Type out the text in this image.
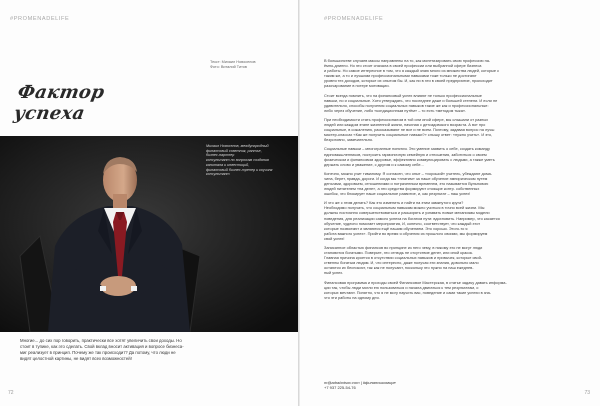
#PROMENADELIFE
Текст: Михаил Новоселов
Фото: Виталий Титов
Фактор успеха
Михаил Новоселов, международный
финансовый советник, рантье,
бизнес-партнер
консультант по вопросам создания
капитала и инвестиций,
финансовый бизнес-тренер и коучинг
консультант
Многие... до сих пор говорить, практически все хотят увеличить свои доходы. Но
стоит в тупике, как это сделать. Свой вклад вносит активация и вопросе бизнеса-
миг реализует в принцип. Почему же так происходит? Да потому, что люди не
видят целостной картины, не видят всех возможностей!
72
#PROMENADELIFE

В большинстве случаев массы направлены на то, как монетизировать свою профессию на-
ёмно-длинно. Но это стоит сначала в своей профессии или выбранной сфере бизнеса
и работы. Но самое интересное в том, что я каждый знаю много из множества людей, которые с
таким же, а то и лучшими профессиональными навыками тоже только не достигают
уровня тех доходов, которые их опытом бы. И, как ни в эти в своей предприятие, происходит
разочарование в потере мотивации.

Стоит всегда помнить, что на финансовый успех влияют не только профессиональные
навыки, но и социальные. Хотя утверждать, что последнее даже и большей степени. И если не
удивительно, способы получения социальных навыков такие же как и профессиональные:
либо через обучение, либо «кондиционным путём» – то есть «методом тыка».

При необходимости стать профессионалом в той или иной сфере, мы слышали от разных
людей или каждом этапе жизненной жизни, начиная с детсадовского возраста. А вот про
социальные, в сожалению, рассказывают не все и не всем. Поэтому, задавая вопрос на лучш
мастер-классах «Как же получить социальные навыки?» слышу ответ: «нужно учить». И это,
безусловно, замечательно.

Социальные навыки – многогранные понятия. Это умение заявить о себе, создать команду
единомышленников, построить гармоничную семейную и отношения, заботиться о своем
физическом и финансовом здоровье, эффективно коммуницировать с людьми, а также уметь
держать слово и уважение, с другим и к самому себе...

Конечно, можно учит тиманому. Я согласен, что опыт – «хороший» учитель, убеждают дома-
чина, берет, правда, дороги. И когда мы «платим» за наше обучение эмпирическом путем
деньгами, здоровьем, отношениями и потраченным временем, это называется Вульновою
людей питателем «на деле», а эти средства формируют стоящие контр. собственных
ошибок, что блокирует наше социальное развитие, и, как результат – наш успех!

И что же с этим делать? Как это изменить и найти на этим замкнутого круга?
Необходимо получать, что социальным навыкам можно учиться в точно всей жизни. Мы
должны постоянно совершенствоваться и расширять и узнавать новые механизмы модели
поведения, для реализации самого успеха на богатом пути: вдохновить. Например, что касается
обучение, чудесно помогает мероприятия, И, конечно, соответствует, что каждый этот
которые позволяют и являются ещё нашим обучением. Это хорошо. Этого-то я
работа важного успех». Прийти во время я обучения из прошлого своими, мы формируем
свой успех!

Записанное областью финансов во принципе из него чему, в никому это не могут люди
становится богатыми. Поверьте, это отнюдь не отсутствие денег, или иной красок.
Главная причина кроется в отсутствии социальных навыков и привычек, которые свой-
ственны богатым людям. И, что интересно, даже получая эти знания, довольно мало
остаются их беспокоят, так как не получают, поскольку это нужно на наш ежеднев-
ный успех.

Финансовая программа и проходы своей Финансовое Мастерская, в статье задачу давать информа-
ции так, чтобы люди могли ею пользоваться и начала двигаться к тем результатам, о
которых мечтают. Понятно, что я не могу научить вас, новедение и сами такие успехи в зна-
что эти работы на одному дня.

m@adrabotsov.com | #финансыкомире
+7 937 225-54-76
73
